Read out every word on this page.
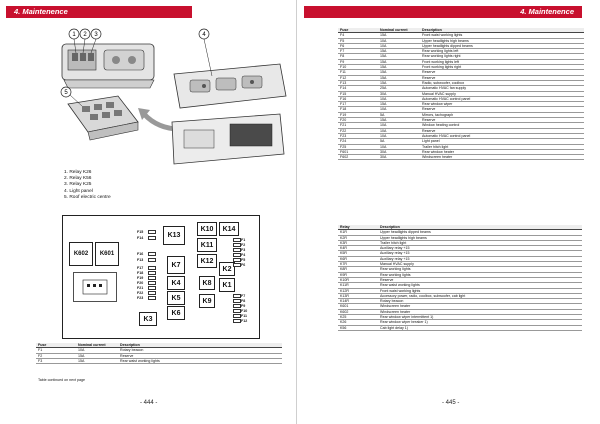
4. Maintenence
1 2 3	4
5
1. Relay K26
2. Relay K56
3. Relay K25
4. Light panel
5. Roof electric centre
K602	K601
K13
K10	K14
K11
K7
K12
K2
K4	K8	K1
K5
K6
K9
K3
F15
F14
F16
F13
F17
F18
F19
F20
F21
F22
F23
F1
F2
F3
F4
F5
F6
F7
F8
F9
F10
F11
F12
Fuse	Nominal current	Description
F1	10A	Rotary beacon
F2	15A	Reserve
F3	15A	Rear waist working lights
Table continued on next page
- 444 -
4. Maintenence
Fuse	Nominal current	Description
F4	15A	Front waist working lights
F5	10A	Upper headlights high beams
F6	10A	Upper headlights dipped beams
F7	15A	Rear working lights left
F8	15A	Rear working lights right
F9	15A	Front working lights left
F10	15A	Front working lights right
F11	15A	Reserve
F12	15A	Reserve
F13	15A	Radio, subwoofer, coolbox
F14	25A	Automatic HVAC fan supply
F15	30A	Manual HVAC supply
F16	10A	Automatic HVAC control panel
F17	15A	Rear window wiper
F18	10A	Reserve
F19	5A	Mirrors, tachograph
F20	15A	Reserve
F21	10A	Window heating control
F22	10A	Reserve
F23	10A	Automatic HVAC control panel
F24	5A	Light panel
F25	10A	Trailer hitch light
F601	30A	Rear window heater
F602	30A	Windscreen heater
Relay	Description
K1R	Upper headlights dipped beams
K2R	Upper headlights high beams
K3R	Trailer hitch light
K4R	Auxiliary relay +15
K5R	Auxiliary relay +15
K6R	Auxiliary relay +15
K7R	Manual HVAC supply
K8R	Rear working lights
K9R	Rear working lights
K10R	Reserve
K11R	Rear waist working lights
K12R	Front waist working lights
K13R	Accessory power, radio, coolbox, subwoofer, cab light
K14R	Rotary beacon
K601	Windscreen heater
K602	Windscreen heater
K25	Rear window wiper intermittent 1)
K26	Rear window wiper breaker 1)
K56	Cab light delay 1)
- 445 -
